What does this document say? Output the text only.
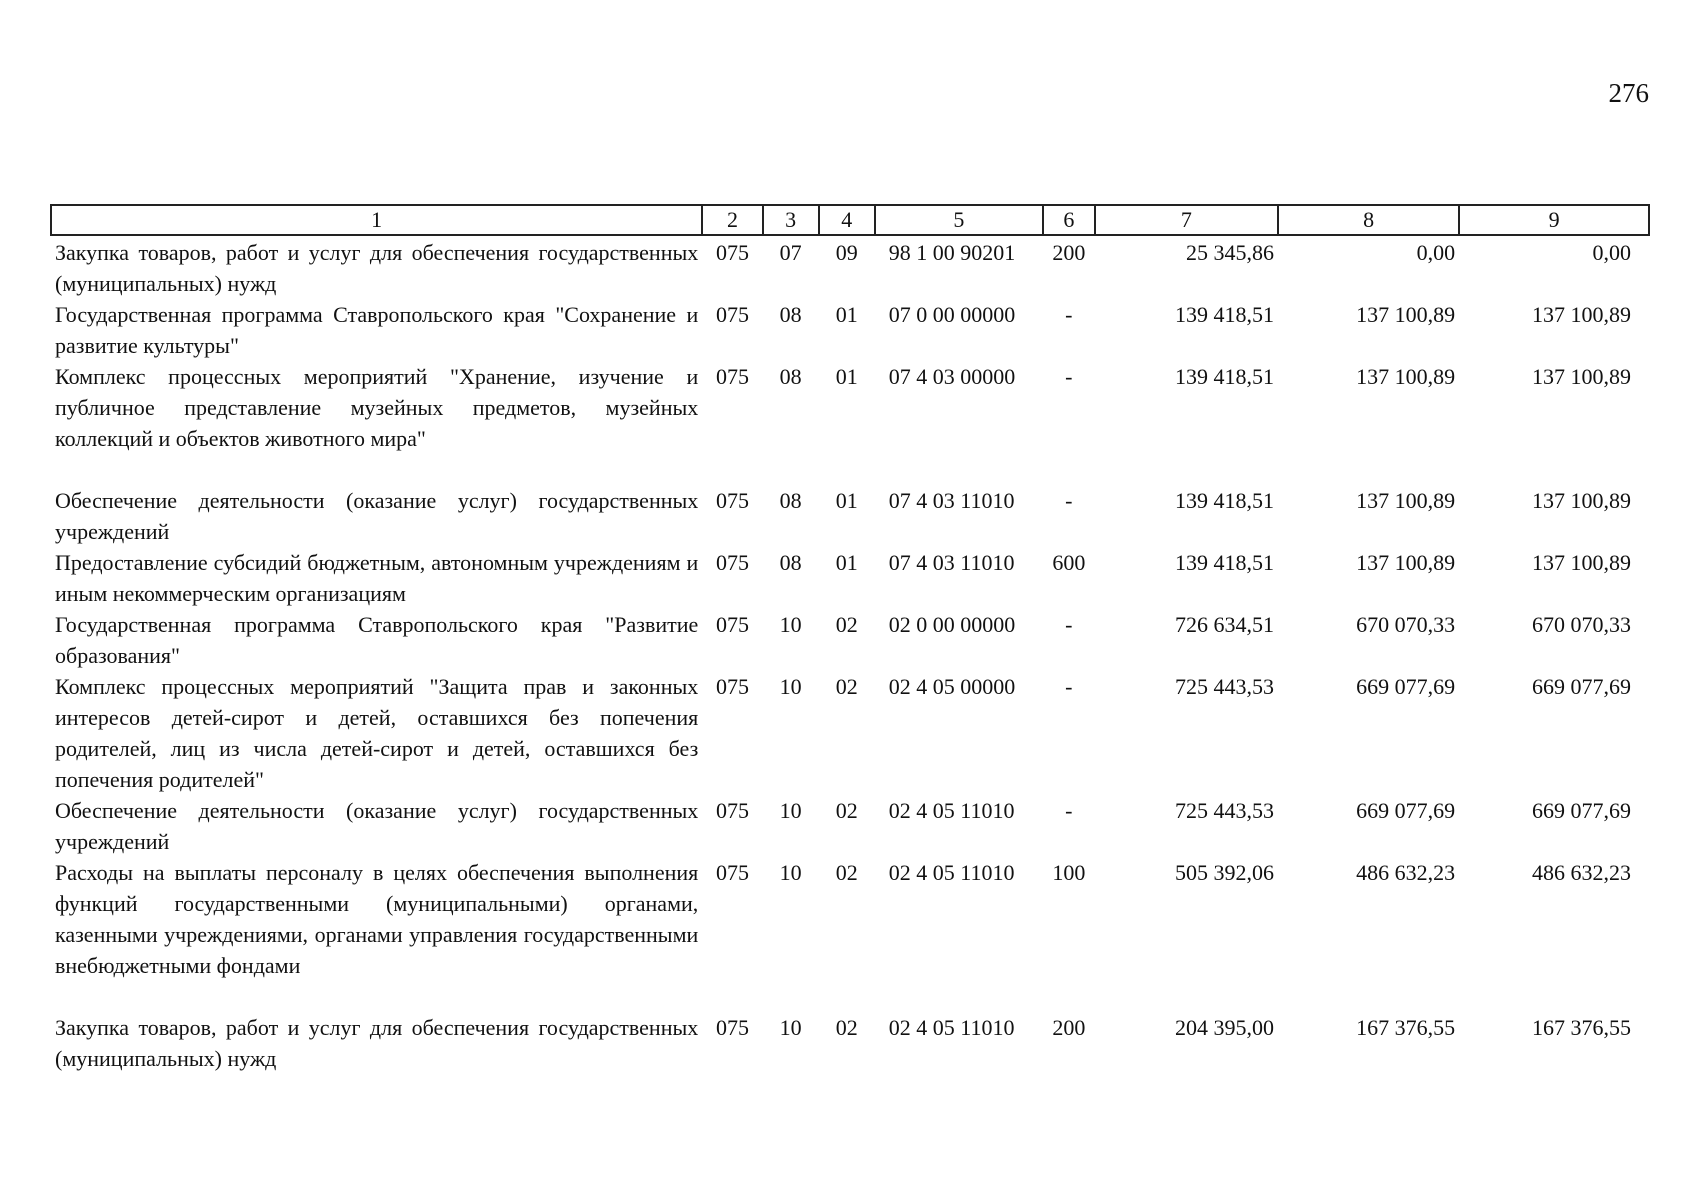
276
1	2	3	4	5	6	7	8	9
Закупка товаров, работ и услуг для обеспечения государственных (муниципальных) нужд	075	07	09	98 1 00 90201	200	25 345,86	0,00	0,00
Государственная программа Ставропольского края "Сохранение и развитие культуры"	075	08	01	07 0 00 00000	-	139 418,51	137 100,89	137 100,89
Комплекс процессных мероприятий "Хранение, изучение и публичное представление музейных предметов, музейных коллекций и объектов животного мира"	075	08	01	07 4 03 00000	-	139 418,51	137 100,89	137 100,89

Обеспечение деятельности (оказание услуг) государственных учреждений	075	08	01	07 4 03 11010	-	139 418,51	137 100,89	137 100,89
Предоставление субсидий бюджетным, автономным учреждениям и иным некоммерческим организациям	075	08	01	07 4 03 11010	600	139 418,51	137 100,89	137 100,89
Государственная программа Ставропольского края "Развитие образования"	075	10	02	02 0 00 00000	-	726 634,51	670 070,33	670 070,33
Комплекс процессных мероприятий "Защита прав и законных интересов детей-сирот и детей, оставшихся без попечения родителей, лиц из числа детей-сирот и детей, оставшихся без попечения родителей"	075	10	02	02 4 05 00000	-	725 443,53	669 077,69	669 077,69
Обеспечение деятельности (оказание услуг) государственных учреждений	075	10	02	02 4 05 11010	-	725 443,53	669 077,69	669 077,69
Расходы на выплаты персоналу в целях обеспечения выполнения функций государственными (муниципальными) органами, казенными учреждениями, органами управления государственными внебюджетными фондами	075	10	02	02 4 05 11010	100	505 392,06	486 632,23	486 632,23

Закупка товаров, работ и услуг для обеспечения государственных (муниципальных) нужд	075	10	02	02 4 05 11010	200	204 395,00	167 376,55	167 376,55
